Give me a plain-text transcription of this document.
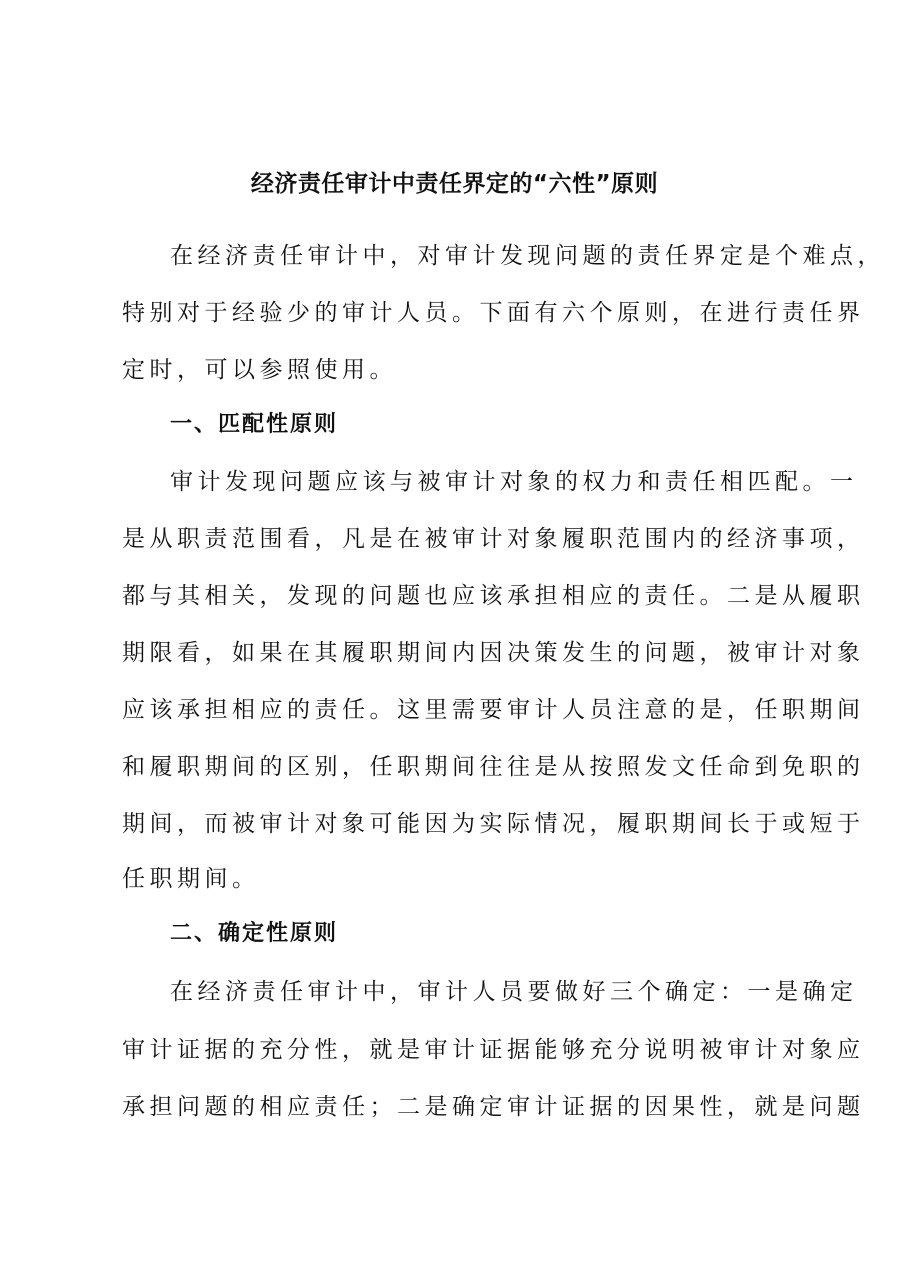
经济责任审计中责任界定的“六性”原则
在经济责任审计中，对审计发现问题的责任界定是个难点，
特别对于经验少的审计人员。下面有六个原则，在进行责任界
定时，可以参照使用。
一、匹配性原则
审计发现问题应该与被审计对象的权力和责任相匹配。一
是从职责范围看，凡是在被审计对象履职范围内的经济事项，
都与其相关，发现的问题也应该承担相应的责任。二是从履职
期限看，如果在其履职期间内因决策发生的问题，被审计对象
应该承担相应的责任。这里需要审计人员注意的是，任职期间
和履职期间的区别，任职期间往往是从按照发文任命到免职的
期间，而被审计对象可能因为实际情况，履职期间长于或短于
任职期间。
二、确定性原则
在经济责任审计中，审计人员要做好三个确定：一是确定
审计证据的充分性，就是审计证据能够充分说明被审计对象应
承担问题的相应责任；二是确定审计证据的因果性，就是问题
